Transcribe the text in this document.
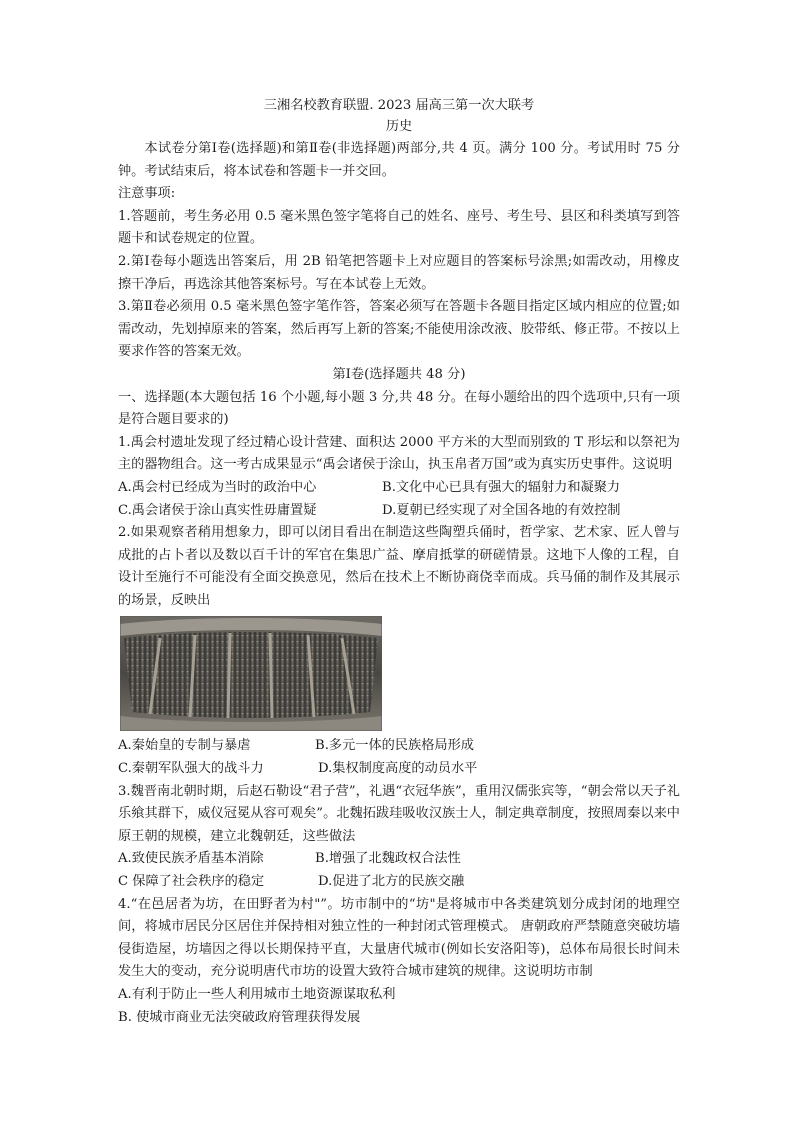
三湘名校教育联盟. 2023 届高三第一次大联考

历史

本试卷分第Ⅰ卷(选择题)和第Ⅱ卷(非选择题)两部分,共 4 页。满分 100 分。考试用时 75 分钟。考试结束后，将本试卷和答题卡一并交回。

注意事项:

1.答题前，考生务必用 0.5 毫米黑色签字笔将自己的姓名、座号、考生号、县区和科类填写到答题卡和试卷规定的位置。

2.第Ⅰ卷每小题选出答案后，用 2B 铅笔把答题卡上对应题目的答案标号涂黑;如需改动，用橡皮擦干净后，再选涂其他答案标号。写在本试卷上无效。

3.第Ⅱ卷必须用 0.5 毫米黑色签字笔作答，答案必须写在答题卡各题目指定区域内相应的位置;如需改动，先划掉原来的答案，然后再写上新的答案;不能使用涂改液、胶带纸、修正带。不按以上要求作答的答案无效。

第Ⅰ卷(选择题共 48 分)

一、选择题(本大题包括 16 个小题,每小题 3 分,共 48 分。在每小题给出的四个选项中,只有一项是符合题目要求的)

1.禹会村遗址发现了经过精心设计营建、面积达 2000 平方米的大型而别致的 T 形坛和以祭祀为主的器物组合。这一考古成果显示“禹会诸侯于涂山，执玉帛者万国”或为真实历史事件。这说明

A.禹会村已经成为当时的政治中心	B.文化中心已具有强大的辐射力和凝聚力
C.禹会诸侯于涂山真实性毋庸置疑	D.夏朝已经实现了对全国各地的有效控制

2.如果观察者稍用想象力，即可以闭目看出在制造这些陶塑兵俑时，哲学家、艺术家、匠人曾与成批的占卜者以及数以百千计的军官在集思广益、摩肩抵掌的研磋情景。这地下人像的工程，自设计至施行不可能没有全面交换意见，然后在技术上不断协商侥幸而成。兵马俑的制作及其展示的场景，反映出

A.秦始皇的专制与暴虐	B.多元一体的民族格局形成
C.秦朝军队强大的战斗力	D.集权制度高度的动员水平

3.魏晋南北朝时期，后赵石勒设“君子营”，礼遇“衣冠华族”，重用汉儒张宾等，“朝会常以天子礼乐飨其群下，威仪冠冕从容可观矣”。北魏拓跋珪吸收汉族士人，制定典章制度，按照周秦以来中原王朝的规模，建立北魏朝廷，这些做法

A.致使民族矛盾基本消除	B.增强了北魏政权合法性
C 保障了社会秩序的稳定	D.促进了北方的民族交融

4.“在邑居者为坊，在田野者为村"”。坊市制中的“坊"是将城市中各类建筑划分成封闭的地理空间，将城市居民分区居住并保持相对独立性的一种封闭式管理模式。 唐朝政府严禁随意突破坊墙侵街造屋，坊墙因之得以长期保持平直，大量唐代城市(例如长安洛阳等)，总体布局很长时间未发生大的变动，充分说明唐代市坊的设置大致符合城市建筑的规律。这说明坊市制

A.有利于防止一些人利用城市土地资源谋取私利

B. 使城市商业无法突破政府管理获得发展
